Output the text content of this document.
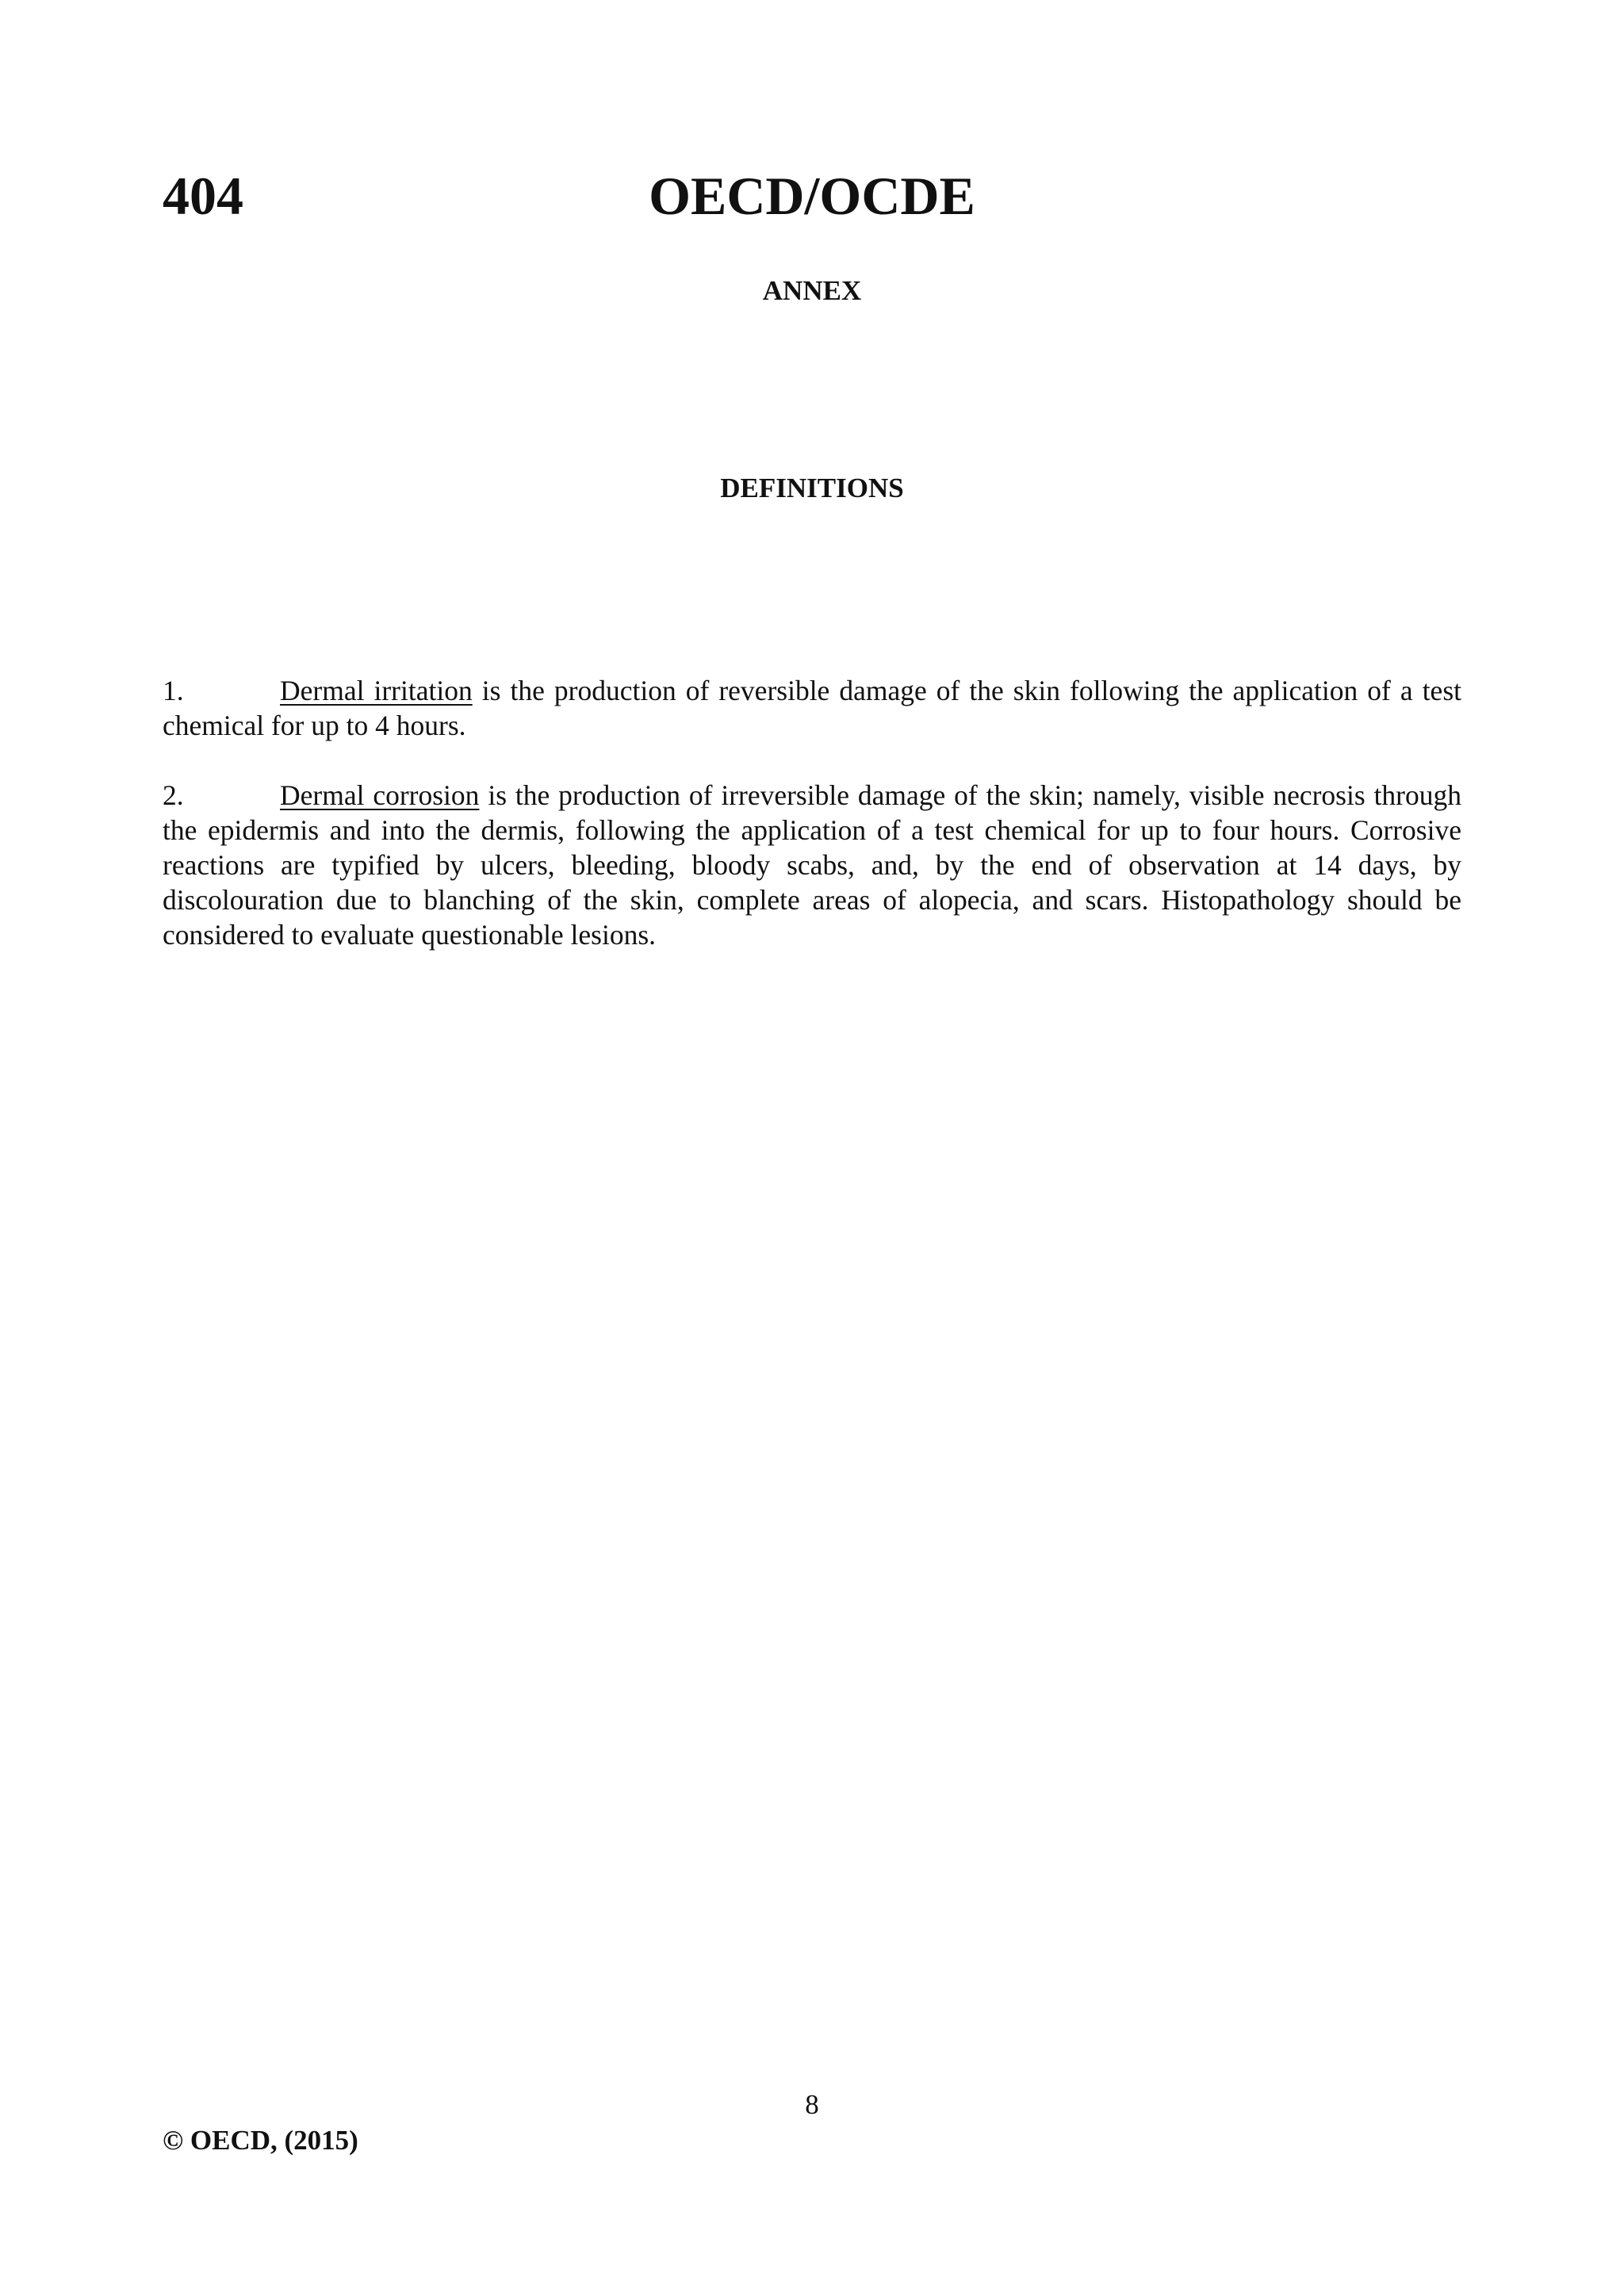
OECD/OCDE
404
ANNEX
DEFINITIONS

1.	Dermal irritation is the production of reversible damage of the skin following the application of a test chemical for up to 4 hours.

2.	Dermal corrosion is the production of irreversible damage of the skin; namely, visible necrosis through the epidermis and into the dermis, following the application of a test chemical for up to four hours. Corrosive reactions are typified by ulcers, bleeding, bloody scabs, and, by the end of observation at 14 days, by discolouration due to blanching of the skin, complete areas of alopecia, and scars. Histopathology should be considered to evaluate questionable lesions.

8
© OECD, (2015)
